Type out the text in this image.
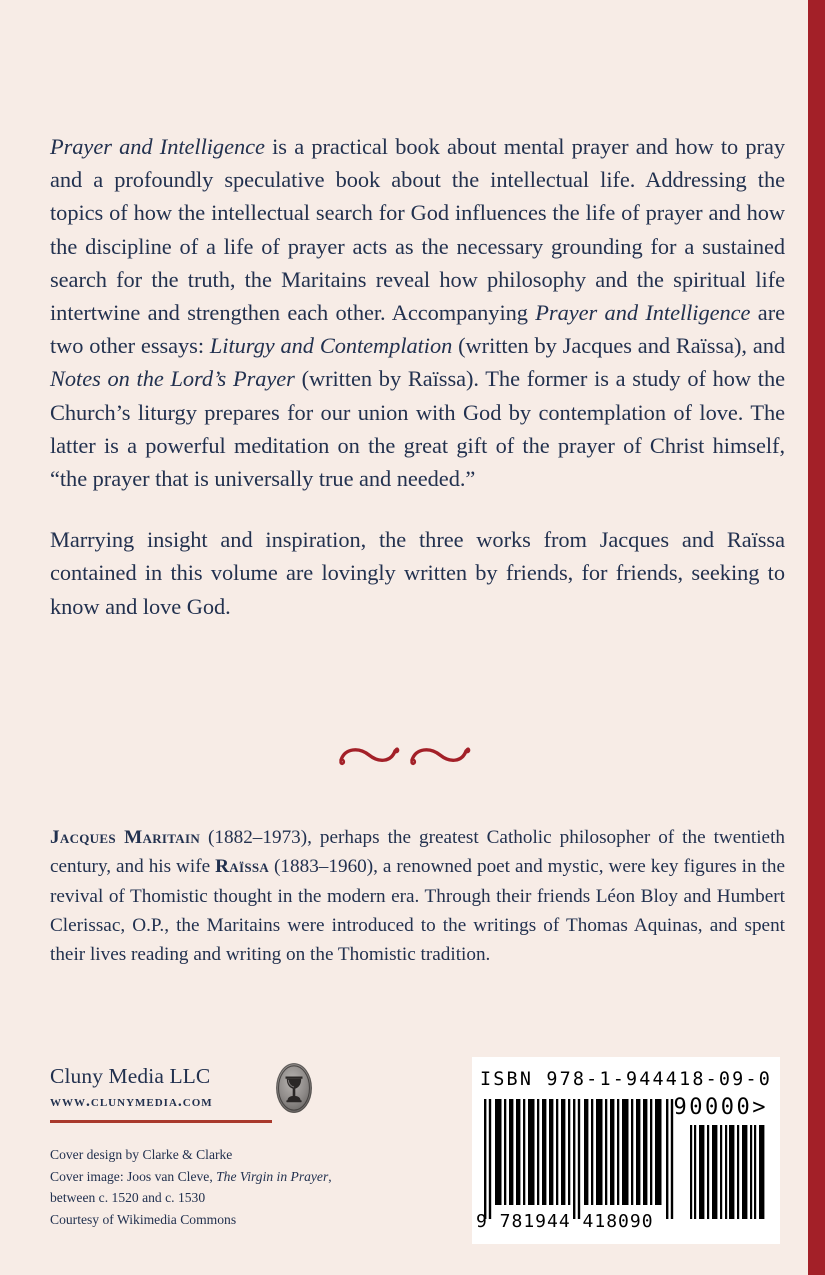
Prayer and Intelligence is a practical book about mental prayer and how to pray and a profoundly speculative book about the intellectual life. Addressing the topics of how the intellectual search for God influences the life of prayer and how the discipline of a life of prayer acts as the necessary grounding for a sustained search for the truth, the Maritains reveal how philosophy and the spiritual life intertwine and strengthen each other. Accompanying Prayer and Intelligence are two other essays: Liturgy and Contemplation (written by Jacques and Raïssa), and Notes on the Lord’s Prayer (written by Raïssa). The former is a study of how the Church’s liturgy prepares for our union with God by contemplation of love. The latter is a powerful meditation on the great gift of the prayer of Christ himself, “the prayer that is universally true and needed.”

Marrying insight and inspiration, the three works from Jacques and Raïssa contained in this volume are lovingly written by friends, for friends, seeking to know and love God.

Jacques Maritain (1882–1973), perhaps the greatest Catholic philosopher of the twentieth century, and his wife Raïssa (1883–1960), a renowned poet and mystic, were key figures in the revival of Thomistic thought in the modern era. Through their friends Léon Bloy and Humbert Clerissac, O.P., the Maritains were introduced to the writings of Thomas Aquinas, and spent their lives reading and writing on the Thomistic tradition.

Cluny Media LLC
www.clunymedia.com
Cover design by Clarke & Clarke
Cover image: Joos van Cleve, The Virgin in Prayer,
between c. 1520 and c. 1530
Courtesy of Wikimedia Commons
ISBN 978-1-944418-09-0
90000>
9 781944 418090
